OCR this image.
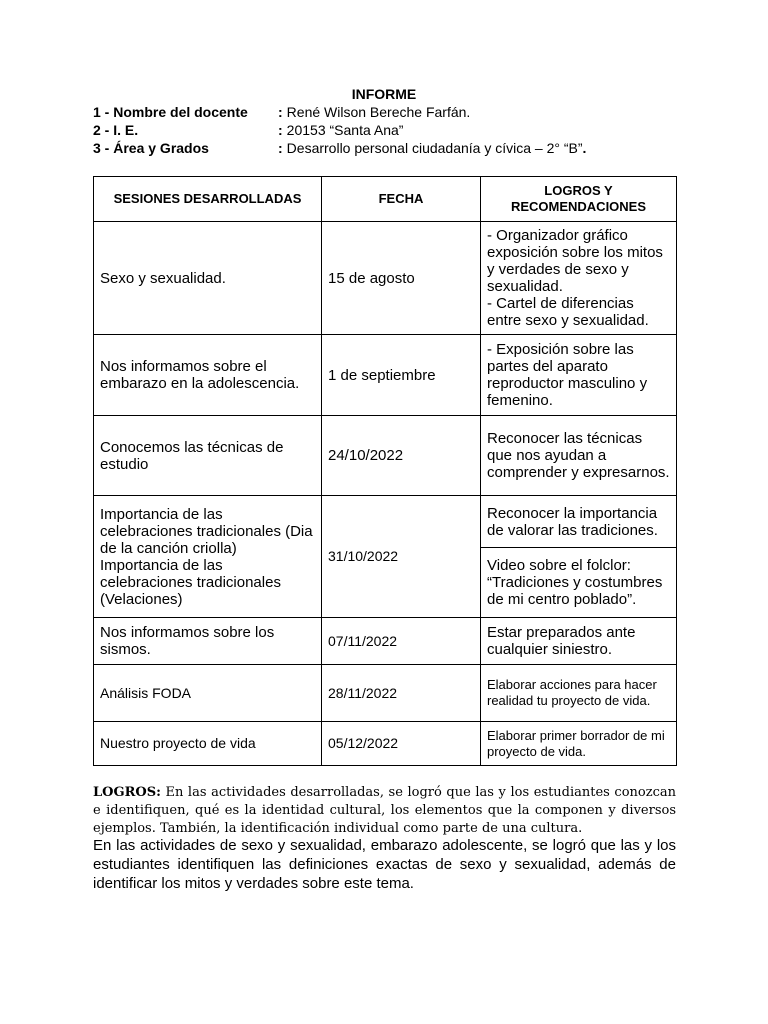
INFORME
1 - Nombre del docente : René Wilson Bereche Farfán.
2 - I. E.	: 20153 “Santa Ana”
3 - Área y Grados	: Desarrollo personal ciudadanía y cívica – 2° “B”.
SESIONES DESARROLLADAS	FECHA	LOGROS Y RECOMENDACIONES
Sexo y sexualidad.	15 de agosto	- Organizador gráfico exposición sobre los mitos y verdades de sexo y sexualidad.
- Cartel de diferencias entre sexo y sexualidad.

Nos informamos sobre el embarazo en la adolescencia.	1 de septiembre	- Exposición sobre las partes del aparato reproductor masculino y femenino.
Conocemos las técnicas de estudio	24/10/2022	Reconocer las técnicas que nos ayudan a comprender y expresarnos.

Importancia de las celebraciones tradicionales (Dia de la canción criolla)
Importancia de las celebraciones tradicionales (Velaciones)	31/10/2022	Reconocer la importancia de valorar las tradiciones.
		Video sobre el folclor: “Tradiciones y costumbres de mi centro poblado”.
Nos informamos sobre los sismos.	07/11/2022	Estar preparados ante cualquier siniestro.
Análisis FODA	28/11/2022	Elaborar acciones para hacer realidad tu proyecto de vida.
Nuestro proyecto de vida	05/12/2022	Elaborar primer borrador de mi proyecto de vida.
LOGROS: En las actividades desarrolladas, se logró que las y los estudiantes conozcan e identifiquen, qué es la identidad cultural, los elementos que la componen y diversos ejemplos. También, la identificación individual como parte de una cultura.
En las actividades de sexo y sexualidad, embarazo adolescente, se logró que las y los estudiantes identifiquen las definiciones exactas de sexo y sexualidad, además de identificar los mitos y verdades sobre este tema.
